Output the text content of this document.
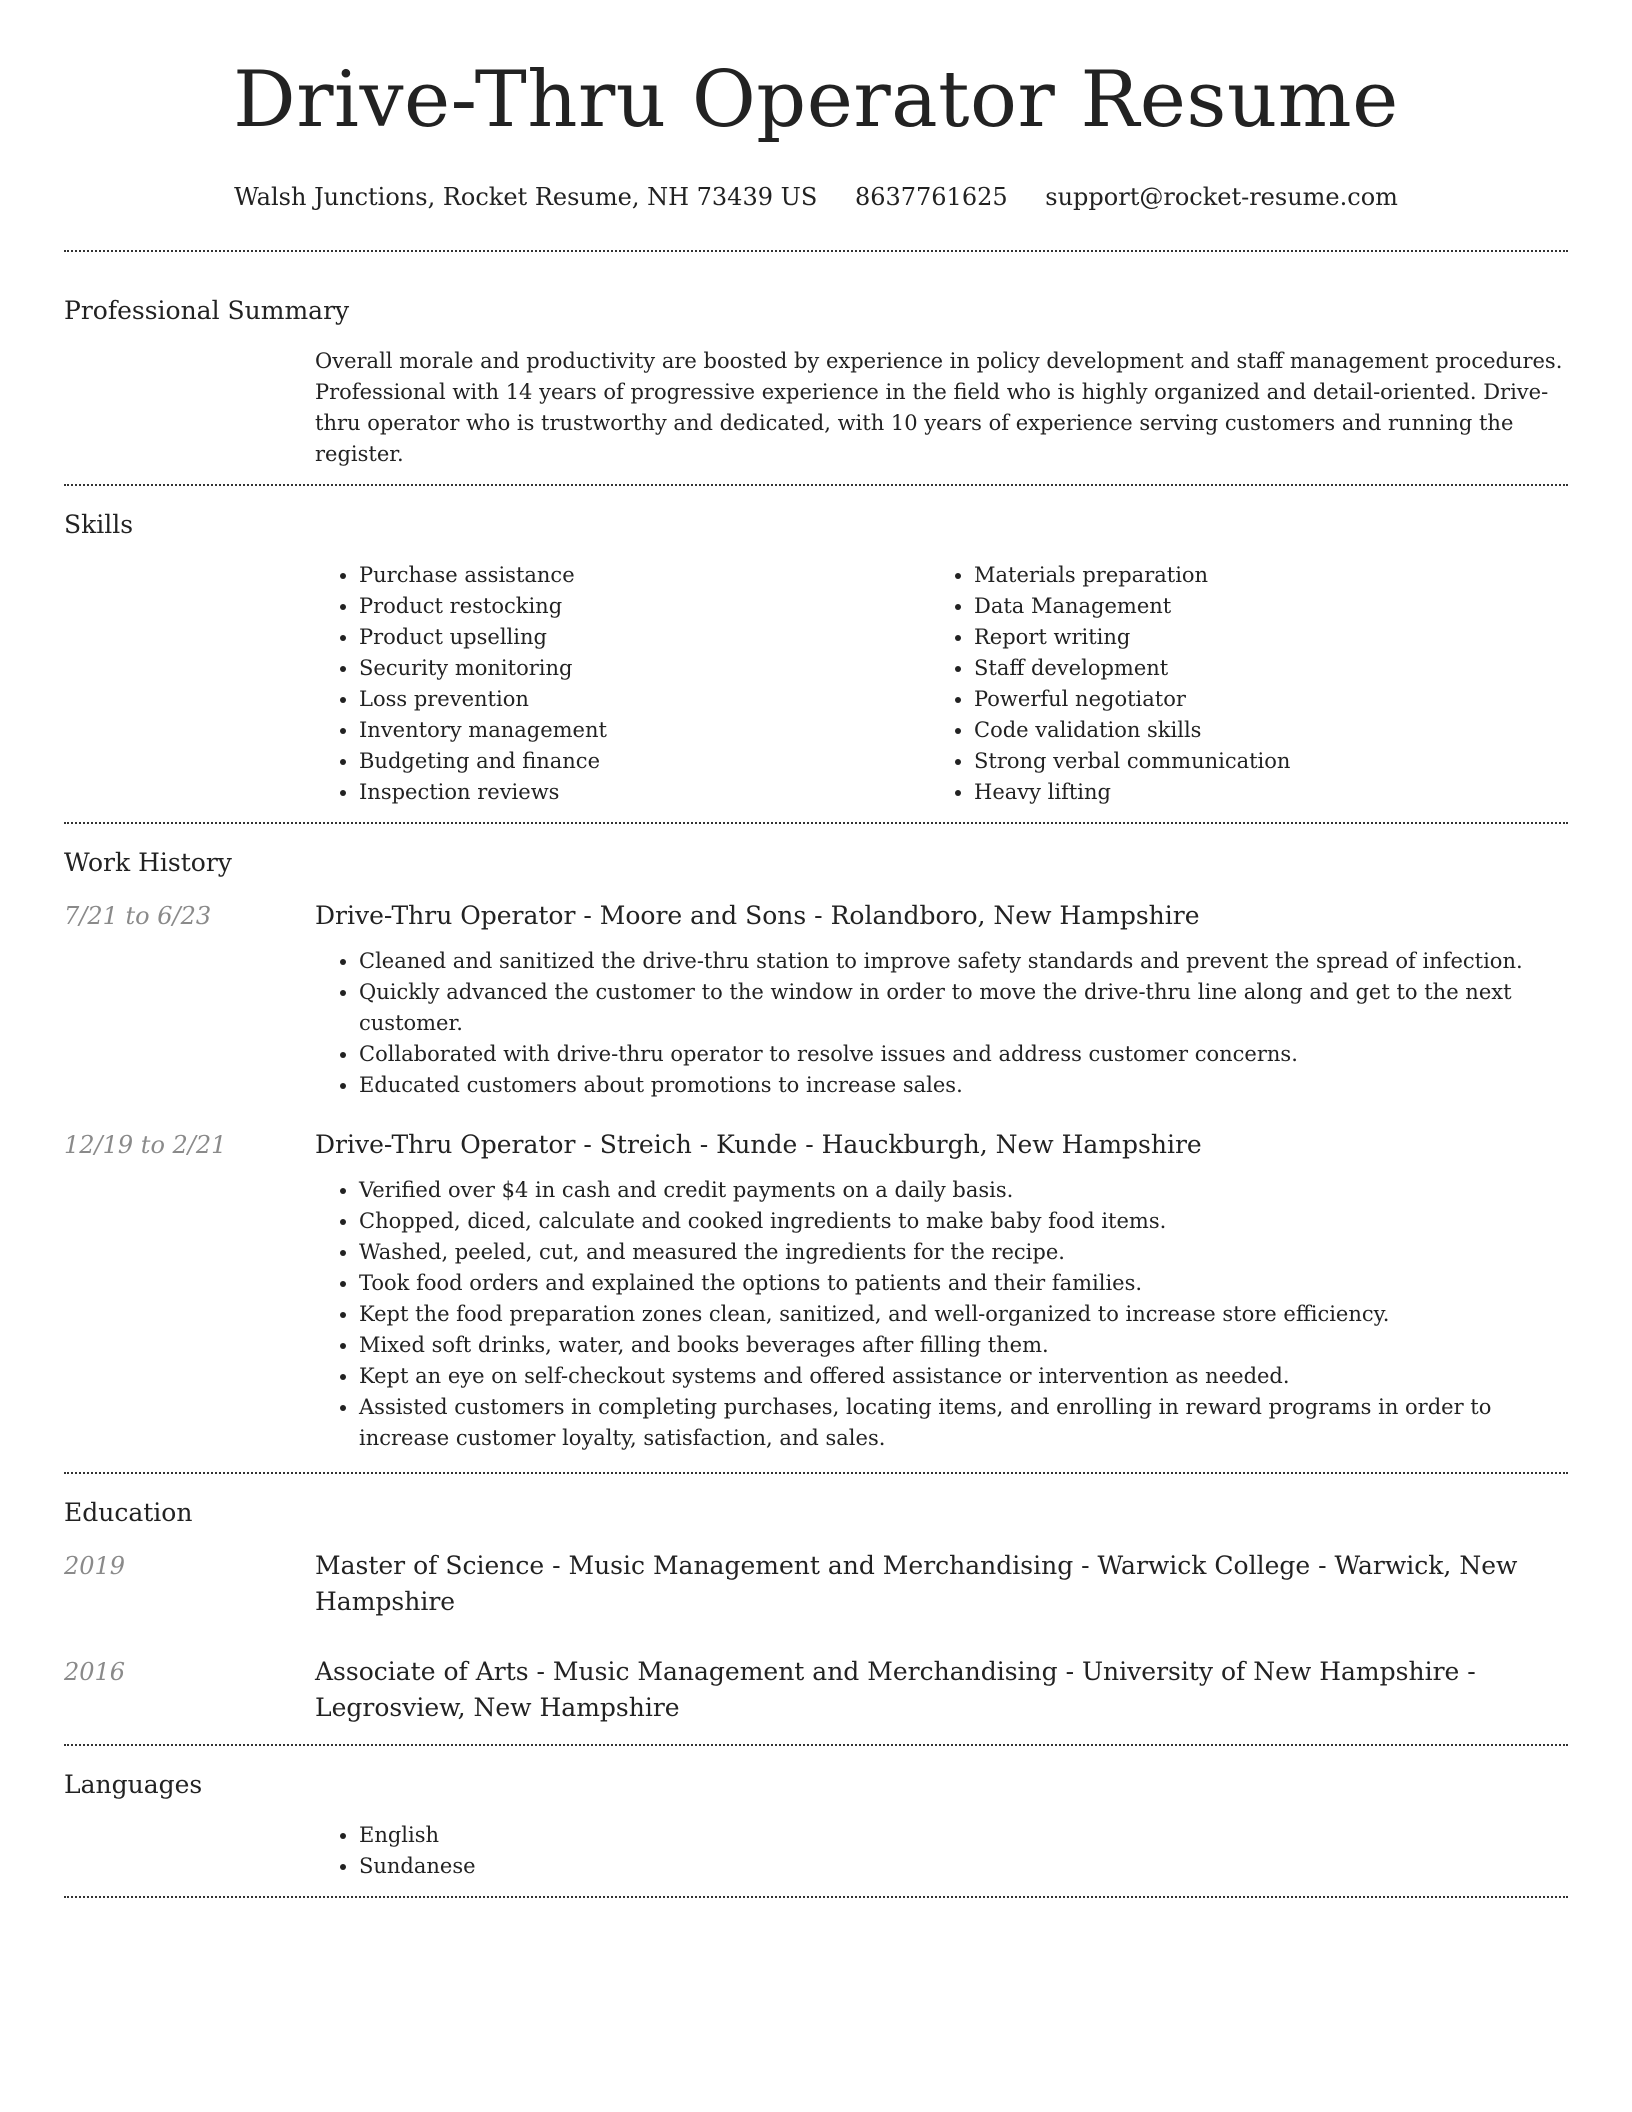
Drive-Thru Operator Resume
Walsh Junctions, Rocket Resume, NH 73439 US 8637761625 support@rocket-resume.com
Professional Summary

Overall morale and productivity are boosted by experience in policy development and staff management procedures. Professional with 14 years of progressive experience in the field who is highly organized and detail-oriented. Drive-thru operator who is trustworthy and dedicated, with 10 years of experience serving customers and running the register.

Skills
• Purchase assistance
• Product restocking
• Product upselling
• Security monitoring
• Loss prevention
• Inventory management
• Budgeting and finance
• Inspection reviews
• Materials preparation
• Data Management
• Report writing
• Staff development
• Powerful negotiator
• Code validation skills
• Strong verbal communication
• Heavy lifting
Work History
7/21 to 6/23	Drive-Thru Operator - Moore and Sons - Rolandboro, New Hampshire
• Cleaned and sanitized the drive-thru station to improve safety standards and prevent the spread of infection.
• Quickly advanced the customer to the window in order to move the drive-thru line along and get to the next customer.
• Collaborated with drive-thru operator to resolve issues and address customer concerns.
• Educated customers about promotions to increase sales.
12/19 to 2/21	Drive-Thru Operator - Streich - Kunde - Hauckburgh, New Hampshire
• Verified over $4 in cash and credit payments on a daily basis.
• Chopped, diced, calculate and cooked ingredients to make baby food items.
• Washed, peeled, cut, and measured the ingredients for the recipe.
• Took food orders and explained the options to patients and their families.
• Kept the food preparation zones clean, sanitized, and well-organized to increase store efficiency.
• Mixed soft drinks, water, and books beverages after filling them.
• Kept an eye on self-checkout systems and offered assistance or intervention as needed.
• Assisted customers in completing purchases, locating items, and enrolling in reward programs in order to increase customer loyalty, satisfaction, and sales.
Education
2019	Master of Science - Music Management and Merchandising - Warwick College - Warwick, New Hampshire
2016	Associate of Arts - Music Management and Merchandising - University of New Hampshire - Legrosview, New Hampshire
Languages
• English
• Sundanese
